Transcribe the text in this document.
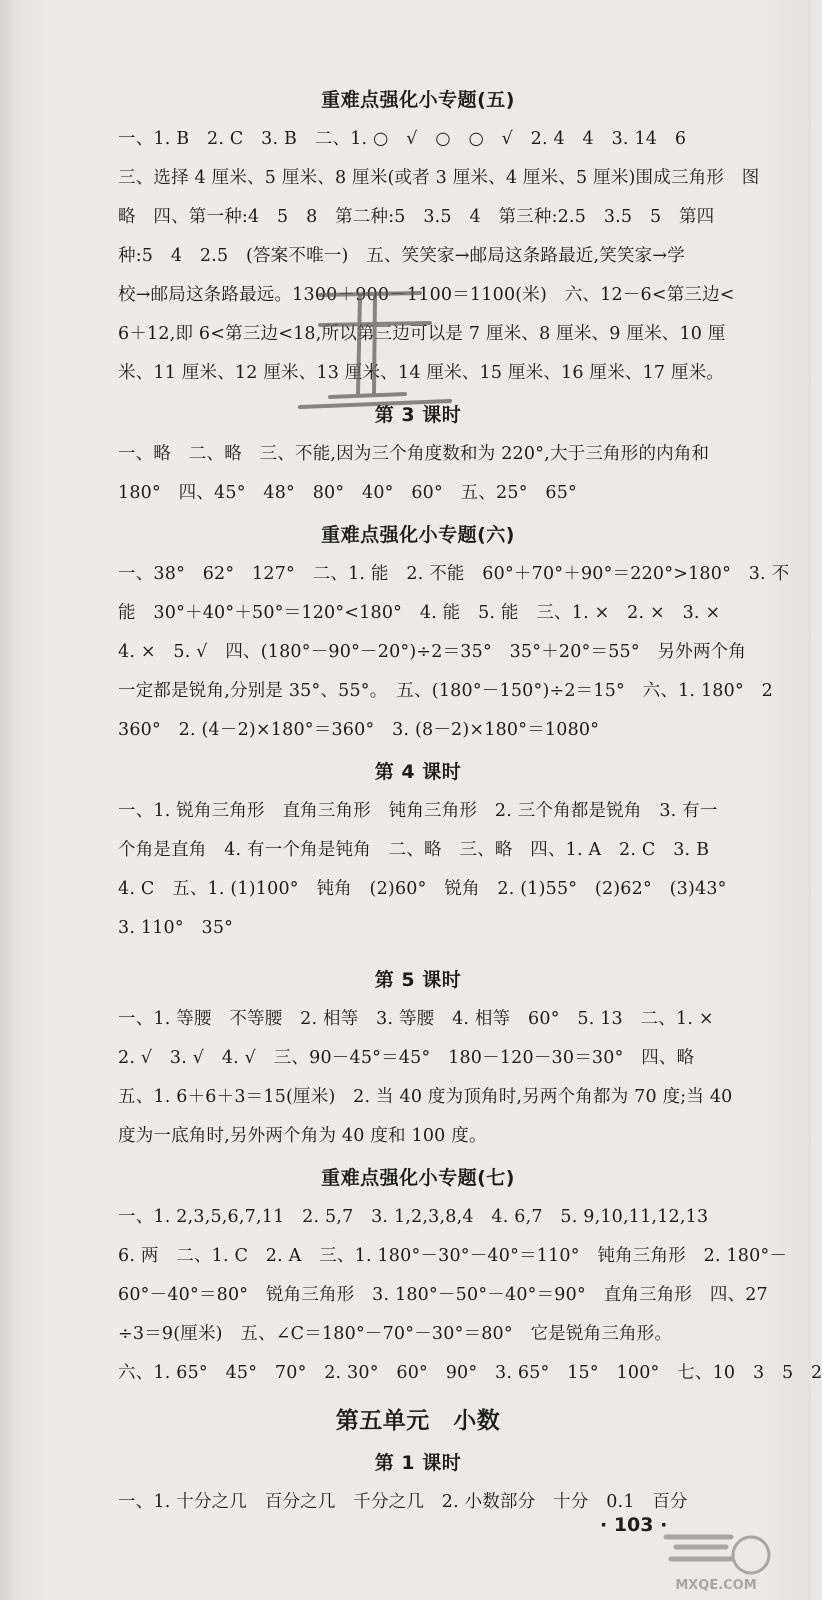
重难点强化小专题(五)
一、1. B　2. C　3. B　二、1. ○　√　○　○　√　2. 4　4　3. 14　6
三、选择 4 厘米、5 厘米、8 厘米(或者 3 厘米、4 厘米、5 厘米)围成三角形　图
略　四、第一种:4　5　8　第二种:5　3.5　4　第三种:2.5　3.5　5　第四
种:5　4　2.5　(答案不唯一)　五、笑笑家→邮局这条路最近,笑笑家→学
校→邮局这条路最远。1300＋900－1100＝1100(米)　六、12－6<第三边<
6＋12,即 6<第三边<18,所以第三边可以是 7 厘米、8 厘米、9 厘米、10 厘
米、11 厘米、12 厘米、13 厘米、14 厘米、15 厘米、16 厘米、17 厘米。
第 3 课时
一、略　二、略　三、不能,因为三个角度数和为 220°,大于三角形的内角和
180°　四、45°　48°　80°　40°　60°　五、25°　65°
重难点强化小专题(六)
一、38°　62°　127°　二、1. 能　2. 不能　60°＋70°＋90°＝220°>180°　3. 不
能　30°＋40°＋50°＝120°<180°　4. 能　5. 能　三、1. ×　2. ×　3. ×
4. ×　5. √　四、(180°－90°－20°)÷2＝35°　35°＋20°＝55°　另外两个角
一定都是锐角,分别是 35°、55°。　五、(180°－150°)÷2＝15°　六、1. 180°　2
360°　2. (4－2)×180°＝360°　3. (8－2)×180°＝1080°
第 4 课时
一、1. 锐角三角形　直角三角形　钝角三角形　2. 三个角都是锐角　3. 有一
个角是直角　4. 有一个角是钝角　二、略　三、略　四、1. A　2. C　3. B
4. C　五、1. (1)100°　钝角　(2)60°　锐角　2. (1)55°　(2)62°　(3)43°
3. 110°　35°
第 5 课时
一、1. 等腰　不等腰　2. 相等　3. 等腰　4. 相等　60°　5. 13　二、1. ×
2. √　3. √　4. √　三、90－45°＝45°　180－120－30＝30°　四、略
五、1. 6＋6＋3＝15(厘米)　2. 当 40 度为顶角时,另两个角都为 70 度;当 40
度为一底角时,另外两个角为 40 度和 100 度。
重难点强化小专题(七)
一、1. 2,3,5,6,7,11　2. 5,7　3. 1,2,3,8,4　4. 6,7　5. 9,10,11,12,13
6. 两　二、1. C　2. A　三、1. 180°－30°－40°＝110°　钝角三角形　2. 180°－
60°－40°＝80°　锐角三角形　3. 180°－50°－40°＝90°　直角三角形　四、27
÷3＝9(厘米)　五、∠C＝180°－70°－30°＝80°　它是锐角三角形。
六、1. 65°　45°　70°　2. 30°　60°　90°　3. 65°　15°　100°　七、10　3　5　2
第五单元　小数
第 1 课时
一、1. 十分之几　百分之几　千分之几　2. 小数部分　十分　0.1　百分
· 103 ·
MXQE.COM
